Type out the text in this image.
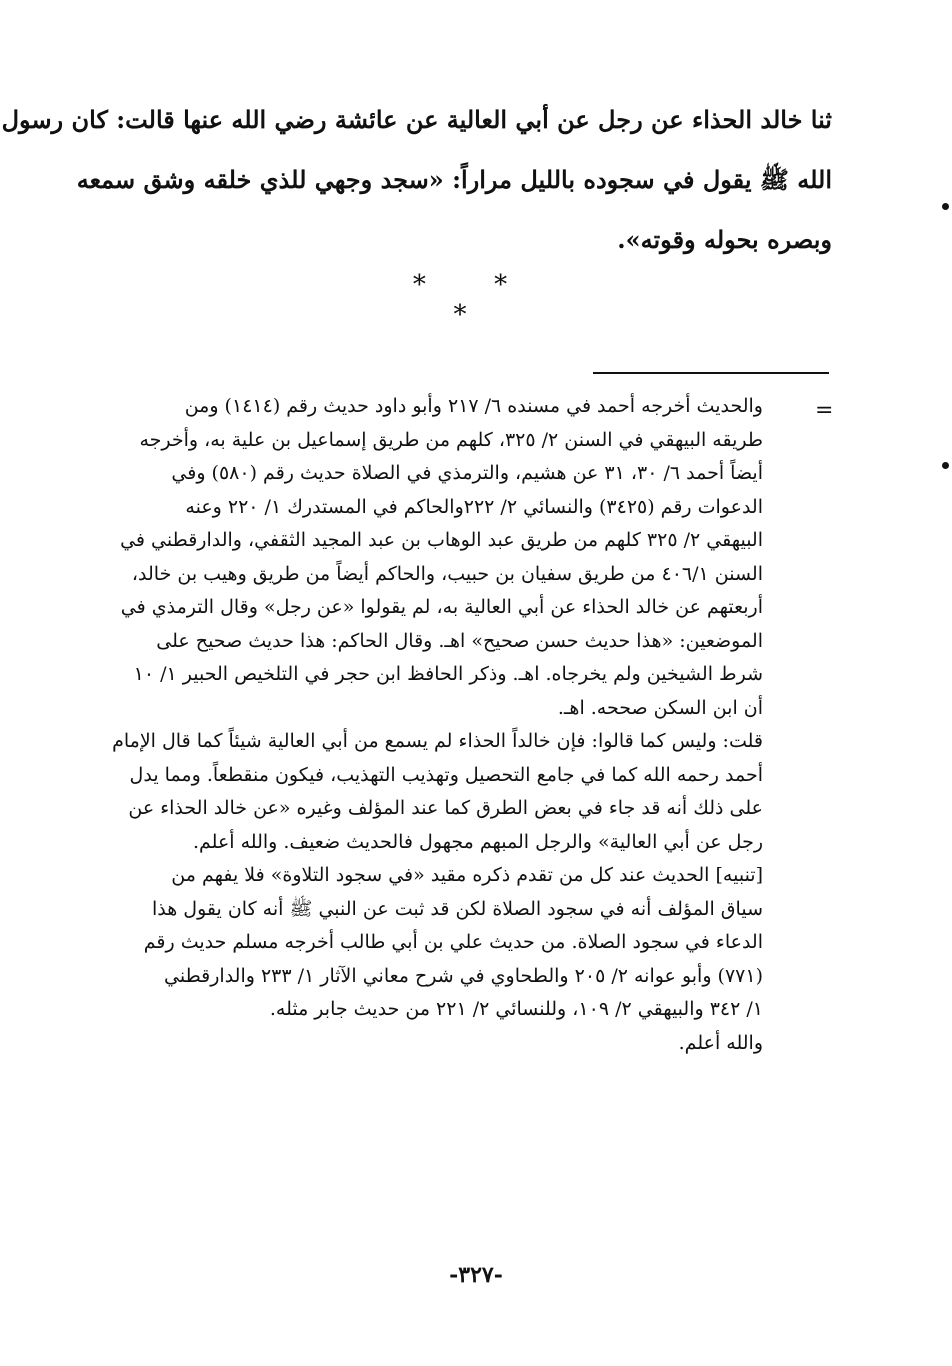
ثنا خالد الحذاء عن رجل عن أبي العالية عن عائشة رضي الله عنها قالت: كان رسول
الله ﷺ يقول في سجوده بالليل مراراً: «سجد وجهي للذي خلقه وشق سمعه
وبصره بحوله وقوته».
* * *
=
والحديث أخرجه أحمد في مسنده ٦/ ٢١٧ وأبو داود حديث رقم (١٤١٤) ومن
طريقه البيهقي في السنن ٢/ ٣٢٥، كلهم من طريق إسماعيل بن علية به، وأخرجه
أيضاً أحمد ٦/ ٣٠، ٣١ عن هشيم، والترمذي في الصلاة حديث رقم (٥٨٠) وفي
الدعوات رقم (٣٤٢٥) والنسائي ٢/ ٢٢٢والحاكم في المستدرك ١/ ٢٢٠ وعنه
البيهقي ٢/ ٣٢٥ كلهم من طريق عبد الوهاب بن عبد المجيد الثقفي، والدارقطني في
السنن ٤٠٦/١ من طريق سفيان بن حبيب، والحاكم أيضاً من طريق وهيب بن خالد،
أربعتهم عن خالد الحذاء عن أبي العالية به، لم يقولوا «عن رجل» وقال الترمذي في
الموضعين: «هذا حديث حسن صحيح» اهـ. وقال الحاكم: هذا حديث صحيح على
شرط الشيخين ولم يخرجاه. اهـ. وذكر الحافظ ابن حجر في التلخيص الحبير ١/ ١٠
أن ابن السكن صححه. اهـ.
قلت: وليس كما قالوا: فإن خالداً الحذاء لم يسمع من أبي العالية شيئاً كما قال الإمام
أحمد رحمه الله كما في جامع التحصيل وتهذيب التهذيب، فيكون منقطعاً. ومما يدل
على ذلك أنه قد جاء في بعض الطرق كما عند المؤلف وغيره «عن خالد الحذاء عن
رجل عن أبي العالية» والرجل المبهم مجهول فالحديث ضعيف. والله أعلم.
[تنبيه] الحديث عند كل من تقدم ذكره مقيد «في سجود التلاوة» فلا يفهم من
سياق المؤلف أنه في سجود الصلاة لكن قد ثبت عن النبي ﷺ أنه كان يقول هذا
الدعاء في سجود الصلاة. من حديث علي بن أبي طالب أخرجه مسلم حديث رقم
(٧٧١) وأبو عوانه ٢/ ٢٠٥ والطحاوي في شرح معاني الآثار ١/ ٢٣٣ والدارقطني
١/ ٣٤٢ والبيهقي ٢/ ١٠٩، وللنسائي ٢/ ٢٢١ من حديث جابر مثله.
والله أعلم.
-٣٢٧-
